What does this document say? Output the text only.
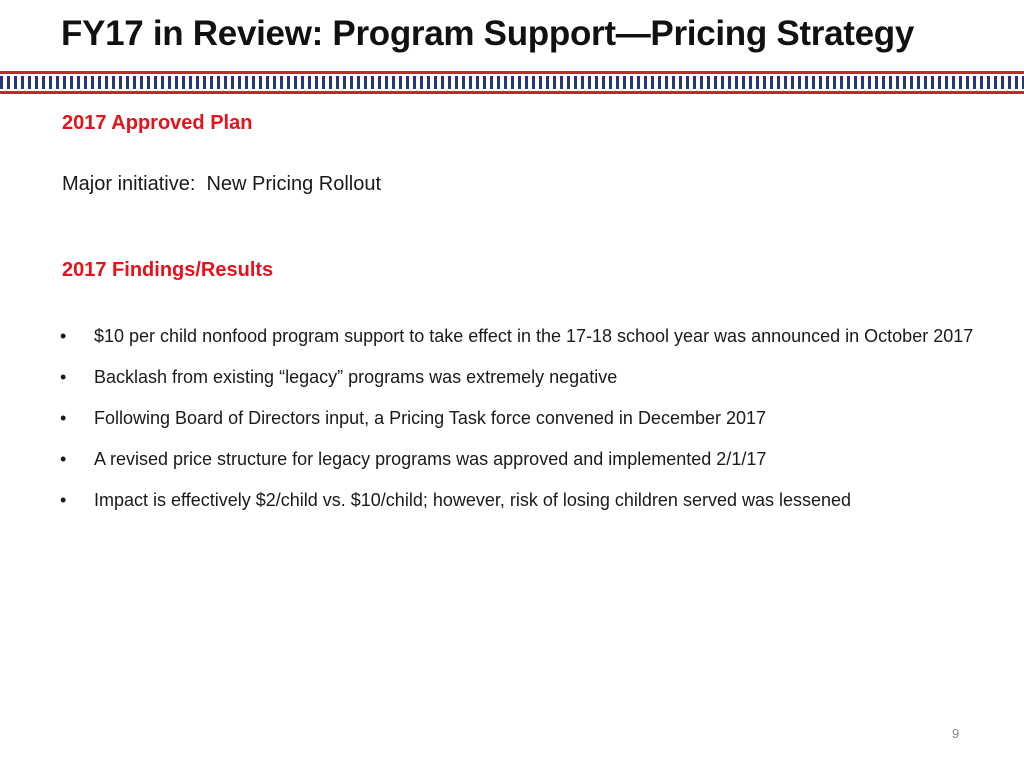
FY17 in Review: Program Support—Pricing Strategy
2017 Approved Plan
Major initiative:  New Pricing Rollout
2017 Findings/Results
•	$10 per child nonfood program support to take effect in the 17-18 school year was announced in October 2017
•	Backlash from existing “legacy” programs was extremely negative
•	Following Board of Directors input, a Pricing Task force convened in December 2017
•	A revised price structure for legacy programs was approved and implemented 2/1/17
•	Impact is effectively $2/child vs. $10/child; however, risk of losing children served was lessened
9
